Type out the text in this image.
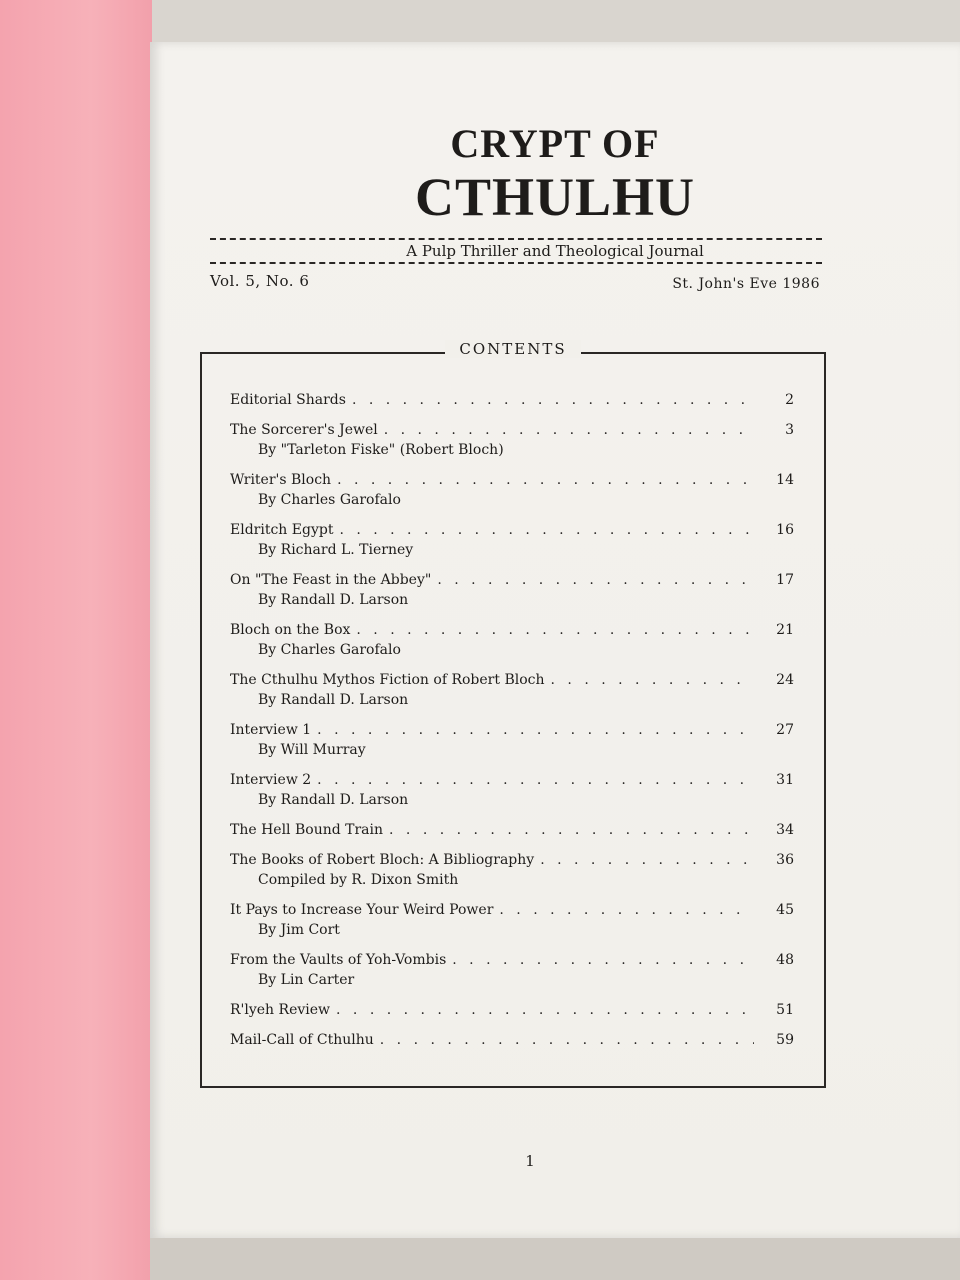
CRYPT OF
CTHULHU
A Pulp Thriller and Theological Journal
Vol. 5, No. 6	St. John's Eve 1986
CONTENTS
Editorial Shards . . .	2
The Sorcerer's Jewel . . .	3
By "Tarleton Fiske" (Robert Bloch)
Writer's Bloch . . .	14
By Charles Garofalo
Eldritch Egypt . . .	16
By Richard L. Tierney
On "The Feast in the Abbey" . . .	17
By Randall D. Larson
Bloch on the Box . . .	21
By Charles Garofalo
The Cthulhu Mythos Fiction of Robert Bloch . . .	24
By Randall D. Larson
Interview 1 . . .	27
By Will Murray
Interview 2 . . .	31
By Randall D. Larson
The Hell Bound Train . . .	34
The Books of Robert Bloch: A Bibliography . . .	36
Compiled by R. Dixon Smith
It Pays to Increase Your Weird Power . . .	45
By Jim Cort
From the Vaults of Yoh-Vombis . . .	48
By Lin Carter
R'lyeh Review . . .	51
Mail-Call of Cthulhu . . .	59
1
